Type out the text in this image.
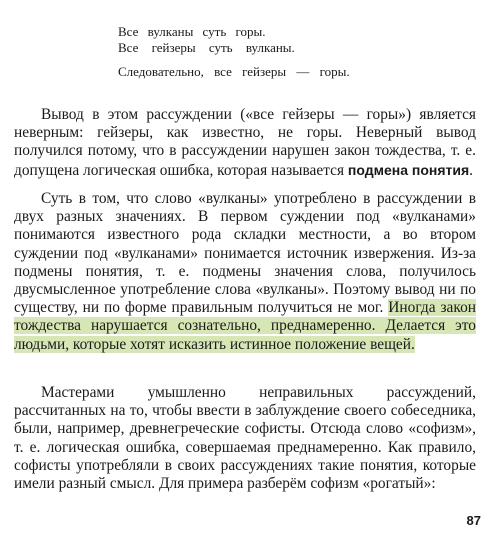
Все вулканы суть горы.
Все гейзеры суть вулканы.
Следовательно, все гейзеры — горы.

Вывод в этом рассуждении («все гейзеры — горы») является неверным: гейзеры, как известно, не горы. Неверный вывод получился потому, что в рассуждении нарушен закон тождества, т. е. допущена логическая ошибка, которая называется подмена понятия.

Суть в том, что слово «вулканы» употреблено в рассуждении в двух разных значениях. В первом суждении под «вулканами» понимаются известного рода складки местности, а во втором суждении под «вулканами» понимается источник извержения. Из-за подмены понятия, т. е. подмены значения слова, получилось двусмысленное употребление слова «вулканы». Поэтому вывод ни по существу, ни по форме правильным получиться не мог. Иногда закон тождества нарушается сознательно, преднамеренно. Делается это людьми, которые хотят исказить истинное положение вещей.

Мастерами умышленно неправильных рассуждений, рассчитанных на то, чтобы ввести в заблуждение своего собеседника, были, например, древнегреческие софисты. Отсюда слово «софизм», т. е. логическая ошибка, совершаемая преднамеренно. Как правило, софисты употребляли в своих рассуждениях такие понятия, которые имели разный смысл. Для примера разберём софизм «рогатый»:

87
